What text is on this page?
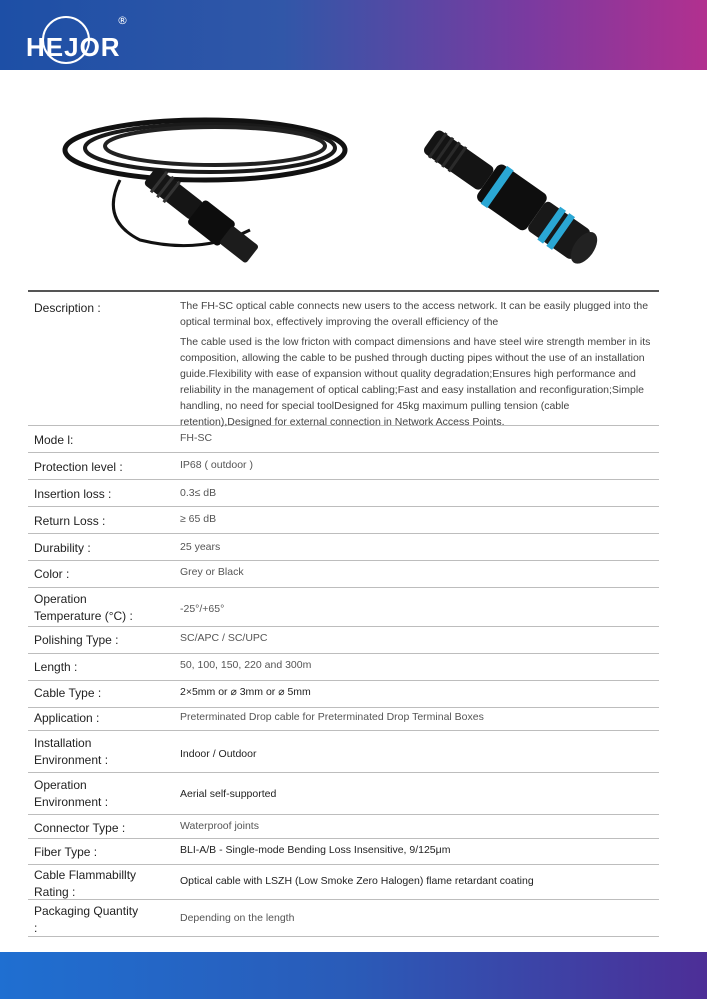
HEJOR
®
Description :	The FH-SC optical cable connects new users to the access network. It can be easily plugged into the optical terminal box, effectively improving the overall efficiency of the

The cable used is the low fricton with compact dimensions and have steel wire strength member in its composition, allowing the cable to be pushed through ducting pipes without the use of an installation guide.Flexibility with ease of expansion without quality degradation;Ensures high performance and reliability in the management of optical cabling;Fast and easy installation and reconfiguration;Simple handling, no need for special toolDesigned for 45kg maximum pulling tension (cable retention),Designed for external connection in Network Access Points.

Mode l:	FH-SC
Protection level :	IP68 ( outdoor )
Insertion loss :	0.3≤ dB
Return Loss :	≥ 65 dB
Durability :	25 years
Color :	Grey or Black
Operation Temperature (°C) :	-25°/+65°
Polishing Type :	SC/APC / SC/UPC
Length :	50, 100, 150, 220 and 300m
Cable Type :	2×5mm or ⌀ 3mm or ⌀ 5mm
Application :	Preterminated Drop cable for Preterminated Drop Terminal Boxes
Installation Environment :	Indoor / Outdoor
Operation Environment :
Aerial self-supported
Connector Type :	Waterproof joints
Fiber Type :	BLI-A/B - Single-mode Bending Loss Insensitive, 9/125μm
Cable Flammabillty Rating :
Optical cable with LSZH (Low Smoke Zero Halogen) flame retardant coating
Packaging Quantity :
Depending on the length
